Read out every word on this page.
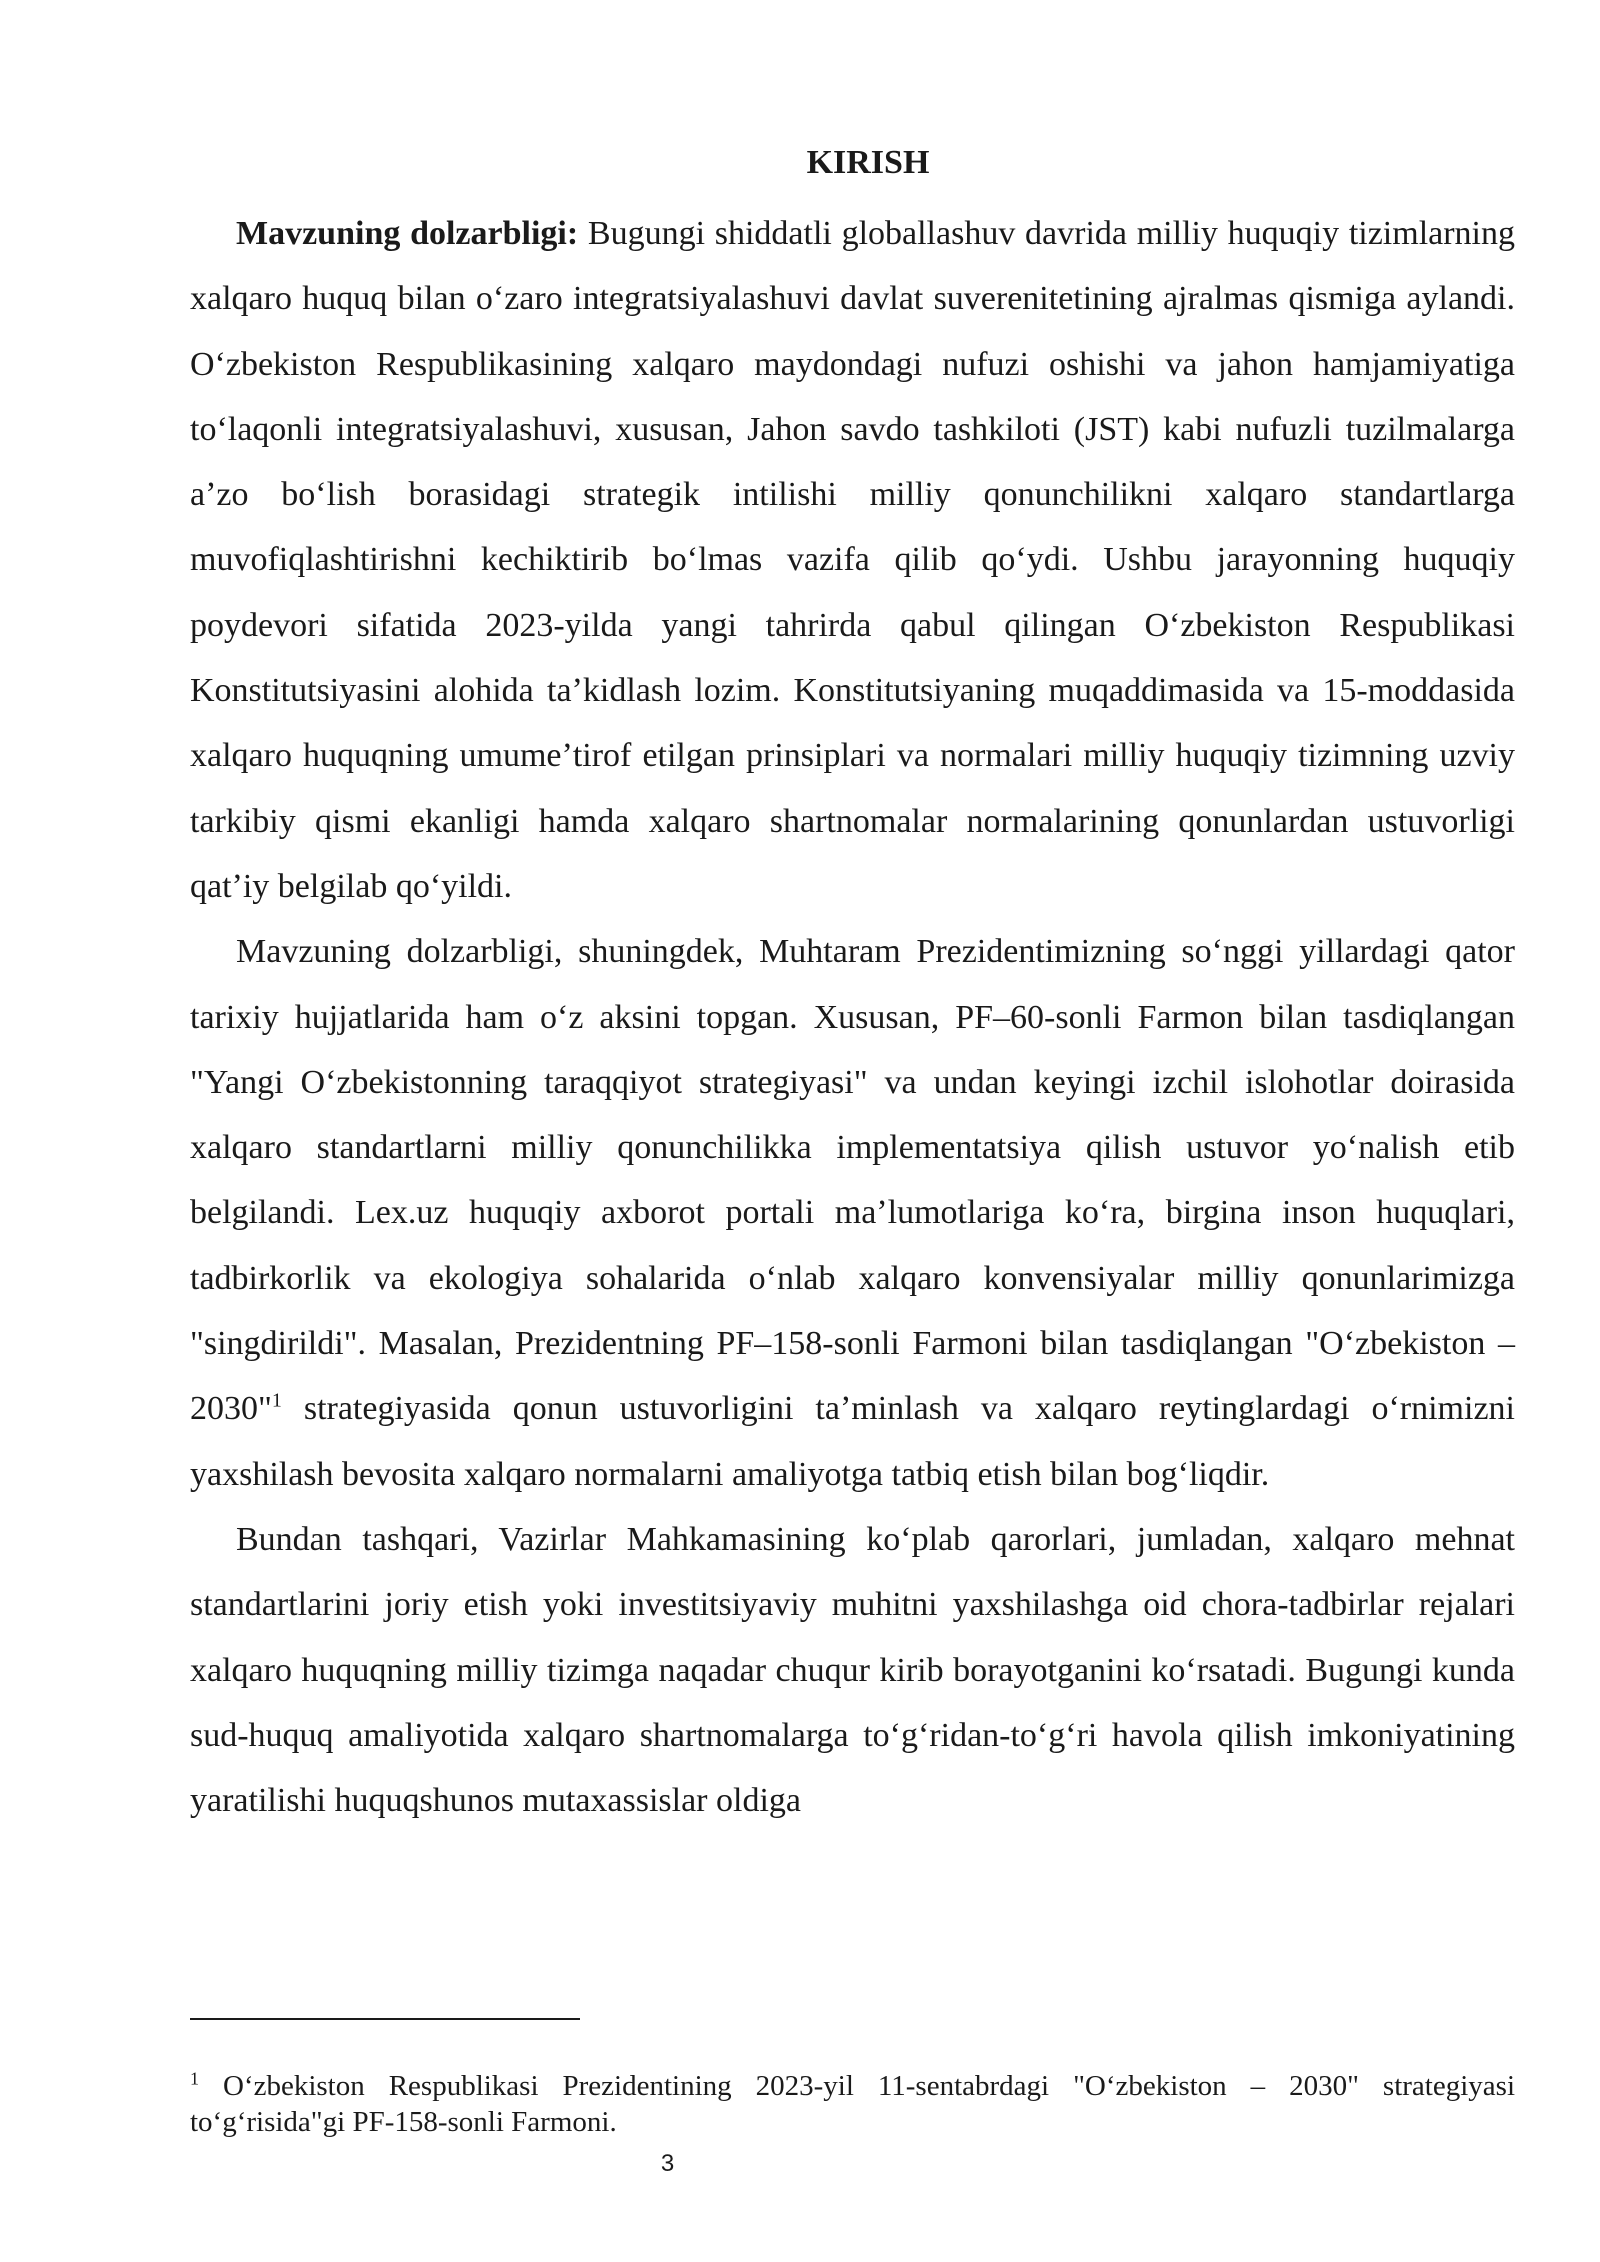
KIRISH

Mavzuning dolzarbligi: Bugungi shiddatli globallashuv davrida milliy huquqiy tizimlarning xalqaro huquq bilan oʻzaro integratsiyalashuvi davlat suverenitetining ajralmas qismiga aylandi. Oʻzbekiston Respublikasining xalqaro maydondagi nufuzi oshishi va jahon hamjamiyatiga toʻlaqonli integratsiyalashuvi, xususan, Jahon savdo tashkiloti (JST) kabi nufuzli tuzilmalarga aʼzo boʻlish borasidagi strategik intilishi milliy qonunchilikni xalqaro standartlarga muvofiqlashtirishni kechiktirib boʻlmas vazifa qilib qoʻydi. Ushbu jarayonning huquqiy poydevori sifatida 2023-yilda yangi tahrirda qabul qilingan Oʻzbekiston Respublikasi Konstitutsiyasini alohida taʼkidlash lozim. Konstitutsiyaning muqaddimasida va 15-moddasida xalqaro huquqning umumeʼtirof etilgan prinsiplari va normalari milliy huquqiy tizimning uzviy tarkibiy qismi ekanligi hamda xalqaro shartnomalar normalarining qonunlardan ustuvorligi qatʼiy belgilab qoʻyildi.

Mavzuning dolzarbligi, shuningdek, Muhtaram Prezidentimizning soʻnggi yillardagi qator tarixiy hujjatlarida ham oʻz aksini topgan. Xususan, PF–60-sonli Farmon bilan tasdiqlangan "Yangi Oʻzbekistonning taraqqiyot strategiyasi" va undan keyingi izchil islohotlar doirasida xalqaro standartlarni milliy qonunchilikka implementatsiya qilish ustuvor yoʻnalish etib belgilandi. Lex.uz huquqiy axborot portali maʼlumotlariga koʻra, birgina inson huquqlari, tadbirkorlik va ekologiya sohalarida oʻnlab xalqaro konvensiyalar milliy qonunlarimizga "singdirildi". Masalan, Prezidentning PF–158-sonli Farmoni bilan tasdiqlangan "Oʻzbekiston – 2030"$^1$ strategiyasida qonun ustuvorligini taʼminlash va xalqaro reytinglardagi oʻrnimizni yaxshilash bevosita xalqaro normalarni amaliyotga tatbiq etish bilan bogʻliqdir.

Bundan tashqari, Vazirlar Mahkamasining koʻplab qarorlari, jumladan, xalqaro mehnat standartlarini joriy etish yoki investitsiyaviy muhitni yaxshilashga oid chora-tadbirlar rejalari xalqaro huquqning milliy tizimga naqadar chuqur kirib borayotganini koʻrsatadi. Bugungi kunda sud-huquq amaliyotida xalqaro shartnomalarga toʻgʻridan-toʻgʻri havola qilish imkoniyatining yaratilishi huquqshunos mutaxassislar oldiga

$^1$ Oʻzbekiston Respublikasi Prezidentining 2023-yil 11-sentabrdagi "Oʻzbekiston – 2030" strategiyasi toʻgʻrisida"gi PF-158-sonli Farmoni.
3
